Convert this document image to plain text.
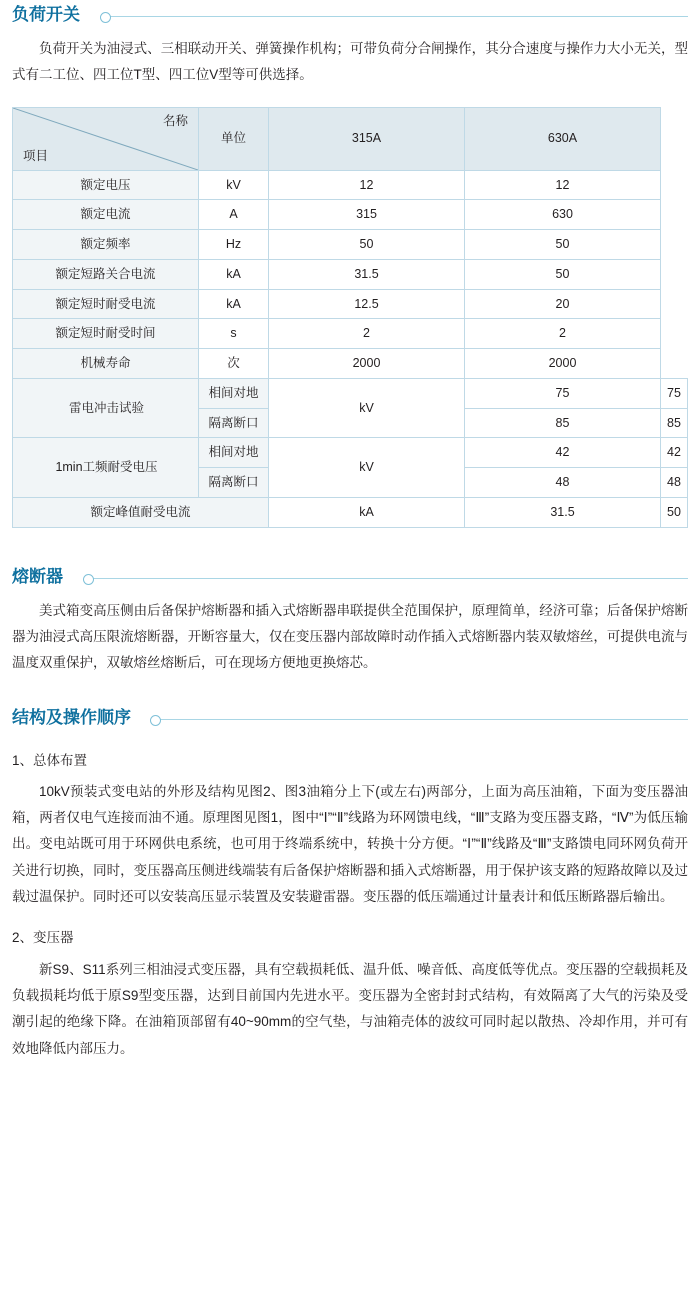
负荷开关

负荷开关为油浸式、三相联动开关、弹簧操作机构；可带负荷分合闸操作，其分合速度与操作力大小无关，型式有二工位、四工位T型、四工位V型等可供选择。

名称
项目	单位	315A	630A	
额定电压	kV	12	12	
额定电流	A	315	630	
额定频率	Hz	50	50	
额定短路关合电流	kA	31.5	50	
额定短时耐受电流	kA	12.5	20	
额定短时耐受时间	s	2	2	
机械寿命	次	2000	2000	
雷电冲击试验	相间对地	kV	75	75
	隔离断口		85	85
1min工频耐受电压	相间对地	kV	42	42
	隔离断口		48	48
额定峰值耐受电流		kA	31.5	50
熔断器

美式箱变高压侧由后备保护熔断器和插入式熔断器串联提供全范围保护，原理简单，经济可靠；后备保护熔断器为油浸式高压限流熔断器，开断容量大，仅在变压器内部故障时动作插入式熔断器内装双敏熔丝，可提供电流与温度双重保护，双敏熔丝熔断后，可在现场方便地更换熔芯。

结构及操作顺序

1、总体布置

10kV预装式变电站的外形及结构见图2、图3油箱分上下(或左右)两部分，上面为高压油箱，下面为变压器油箱，两者仅电气连接而油不通。原理图见图1，图中“Ⅰ”“Ⅱ”线路为环网馈电线，“Ⅲ”支路为变压器支路，“Ⅳ”为低压输出。变电站既可用于环网供电系统，也可用于终端系统中，转换十分方便。“Ⅰ”“Ⅱ”线路及“Ⅲ”支路馈电同环网负荷开关进行切换，同时，变压器高压侧进线端装有后备保护熔断器和插入式熔断器，用于保护该支路的短路故障以及过载过温保护。同时还可以安装高压显示装置及安装避雷器。变压器的低压端通过计量表计和低压断路器后输出。

2、变压器

新S9、S11系列三相油浸式变压器，具有空载损耗低、温升低、噪音低、高度低等优点。变压器的空载损耗及负载损耗均低于原S9型变压器，达到目前国内先进水平。变压器为全密封封式结构，有效隔离了大气的污染及受潮引起的绝缘下降。在油箱顶部留有40~90mm的空气垫，与油箱壳体的波纹可同时起以散热、冷却作用，并可有效地降低内部压力。
